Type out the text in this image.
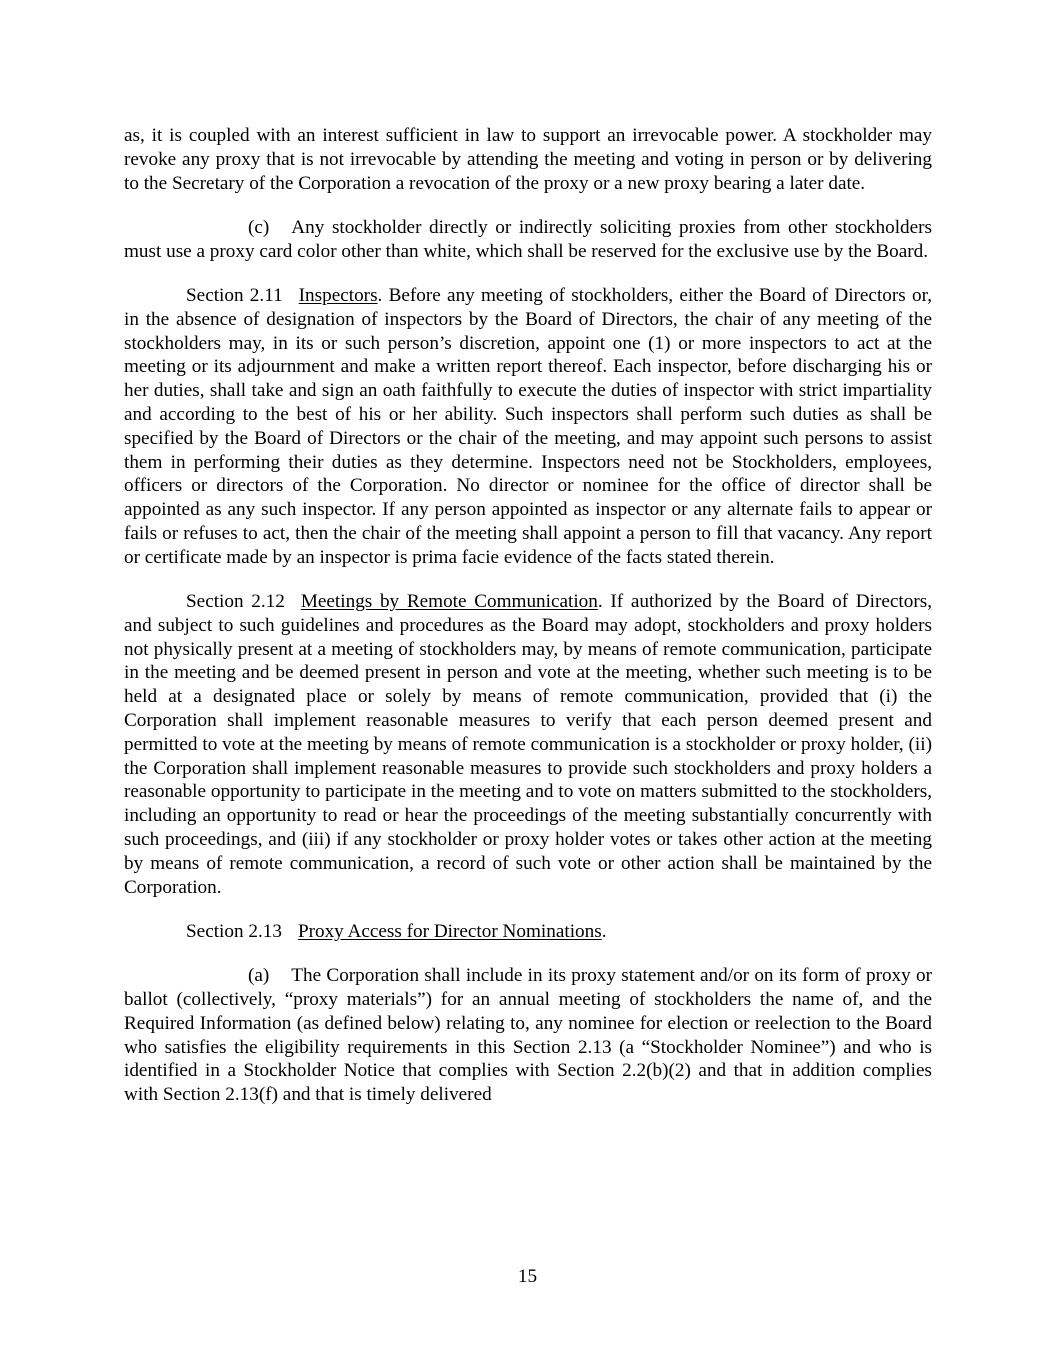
as, it is coupled with an interest sufficient in law to support an irrevocable power. A stockholder may revoke any proxy that is not irrevocable by attending the meeting and voting in person or by delivering to the Secretary of the Corporation a revocation of the proxy or a new proxy bearing a later date.

(c) Any stockholder directly or indirectly soliciting proxies from other stockholders must use a proxy card color other than white, which shall be reserved for the exclusive use by the Board.

Section 2.11 Inspectors. Before any meeting of stockholders, either the Board of Directors or, in the absence of designation of inspectors by the Board of Directors, the chair of any meeting of the stockholders may, in its or such person’s discretion, appoint one (1) or more inspectors to act at the meeting or its adjournment and make a written report thereof. Each inspector, before discharging his or her duties, shall take and sign an oath faithfully to execute the duties of inspector with strict impartiality and according to the best of his or her ability. Such inspectors shall perform such duties as shall be specified by the Board of Directors or the chair of the meeting, and may appoint such persons to assist them in performing their duties as they determine. Inspectors need not be Stockholders, employees, officers or directors of the Corporation. No director or nominee for the office of director shall be appointed as any such inspector. If any person appointed as inspector or any alternate fails to appear or fails or refuses to act, then the chair of the meeting shall appoint a person to fill that vacancy. Any report or certificate made by an inspector is prima facie evidence of the facts stated therein.

Section 2.12 Meetings by Remote Communication. If authorized by the Board of Directors, and subject to such guidelines and procedures as the Board may adopt, stockholders and proxy holders not physically present at a meeting of stockholders may, by means of remote communication, participate in the meeting and be deemed present in person and vote at the meeting, whether such meeting is to be held at a designated place or solely by means of remote communication, provided that (i) the Corporation shall implement reasonable measures to verify that each person deemed present and permitted to vote at the meeting by means of remote communication is a stockholder or proxy holder, (ii) the Corporation shall implement reasonable measures to provide such stockholders and proxy holders a reasonable opportunity to participate in the meeting and to vote on matters submitted to the stockholders, including an opportunity to read or hear the proceedings of the meeting substantially concurrently with such proceedings, and (iii) if any stockholder or proxy holder votes or takes other action at the meeting by means of remote communication, a record of such vote or other action shall be maintained by the Corporation.

Section 2.13 Proxy Access for Director Nominations.

(a) The Corporation shall include in its proxy statement and/or on its form of proxy or ballot (collectively, “proxy materials”) for an annual meeting of stockholders the name of, and the Required Information (as defined below) relating to, any nominee for election or reelection to the Board who satisfies the eligibility requirements in this Section 2.13 (a “Stockholder Nominee”) and who is identified in a Stockholder Notice that complies with Section 2.2(b)(2) and that in addition complies with Section 2.13(f) and that is timely delivered

15
